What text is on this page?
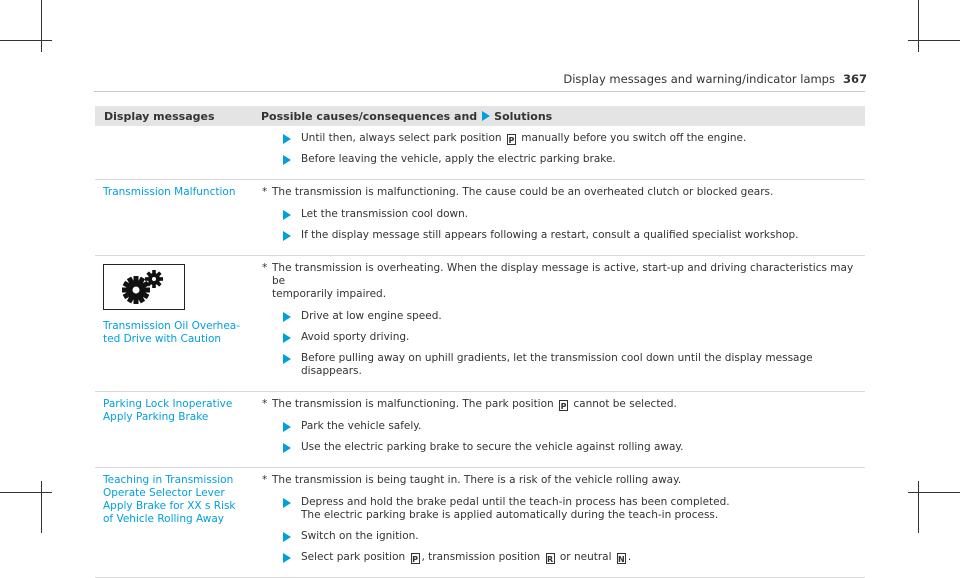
Display messages and warning/indicator lamps 367
Display messages	Possible causes/consequences and Solutions
Until then, always select park position P manually before you switch off the engine.
Before leaving the vehicle, apply the electric parking brake.
Transmission Malfunction	* The transmission is malfunctioning. The cause could be an overheated clutch or blocked gears.
Let the transmission cool down.
If the display message still appears following a restart, consult a qualified specialist workshop.
Transmission Oil Overhea-
ted Drive with Caution
* The transmission is overheating. When the display message is active, start-up and driving characteristics may be
temporarily impaired.
Drive at low engine speed.
Avoid sporty driving.
Before pulling away on uphill gradients, let the transmission cool down until the display message disappears.
Parking Lock Inoperative
Apply Parking Brake
* The transmission is malfunctioning. The park position P cannot be selected.
Park the vehicle safely.
Use the electric parking brake to secure the vehicle against rolling away.
Teaching in Transmission
Operate Selector Lever
Apply Brake for XX s Risk
of Vehicle Rolling Away
* The transmission is being taught in. There is a risk of the vehicle rolling away.
Depress and hold the brake pedal until the teach-in process has been completed.
The electric parking brake is applied automatically during the teach-in process.
Switch on the ignition.
Select park position P , transmission position R or neutral N .
